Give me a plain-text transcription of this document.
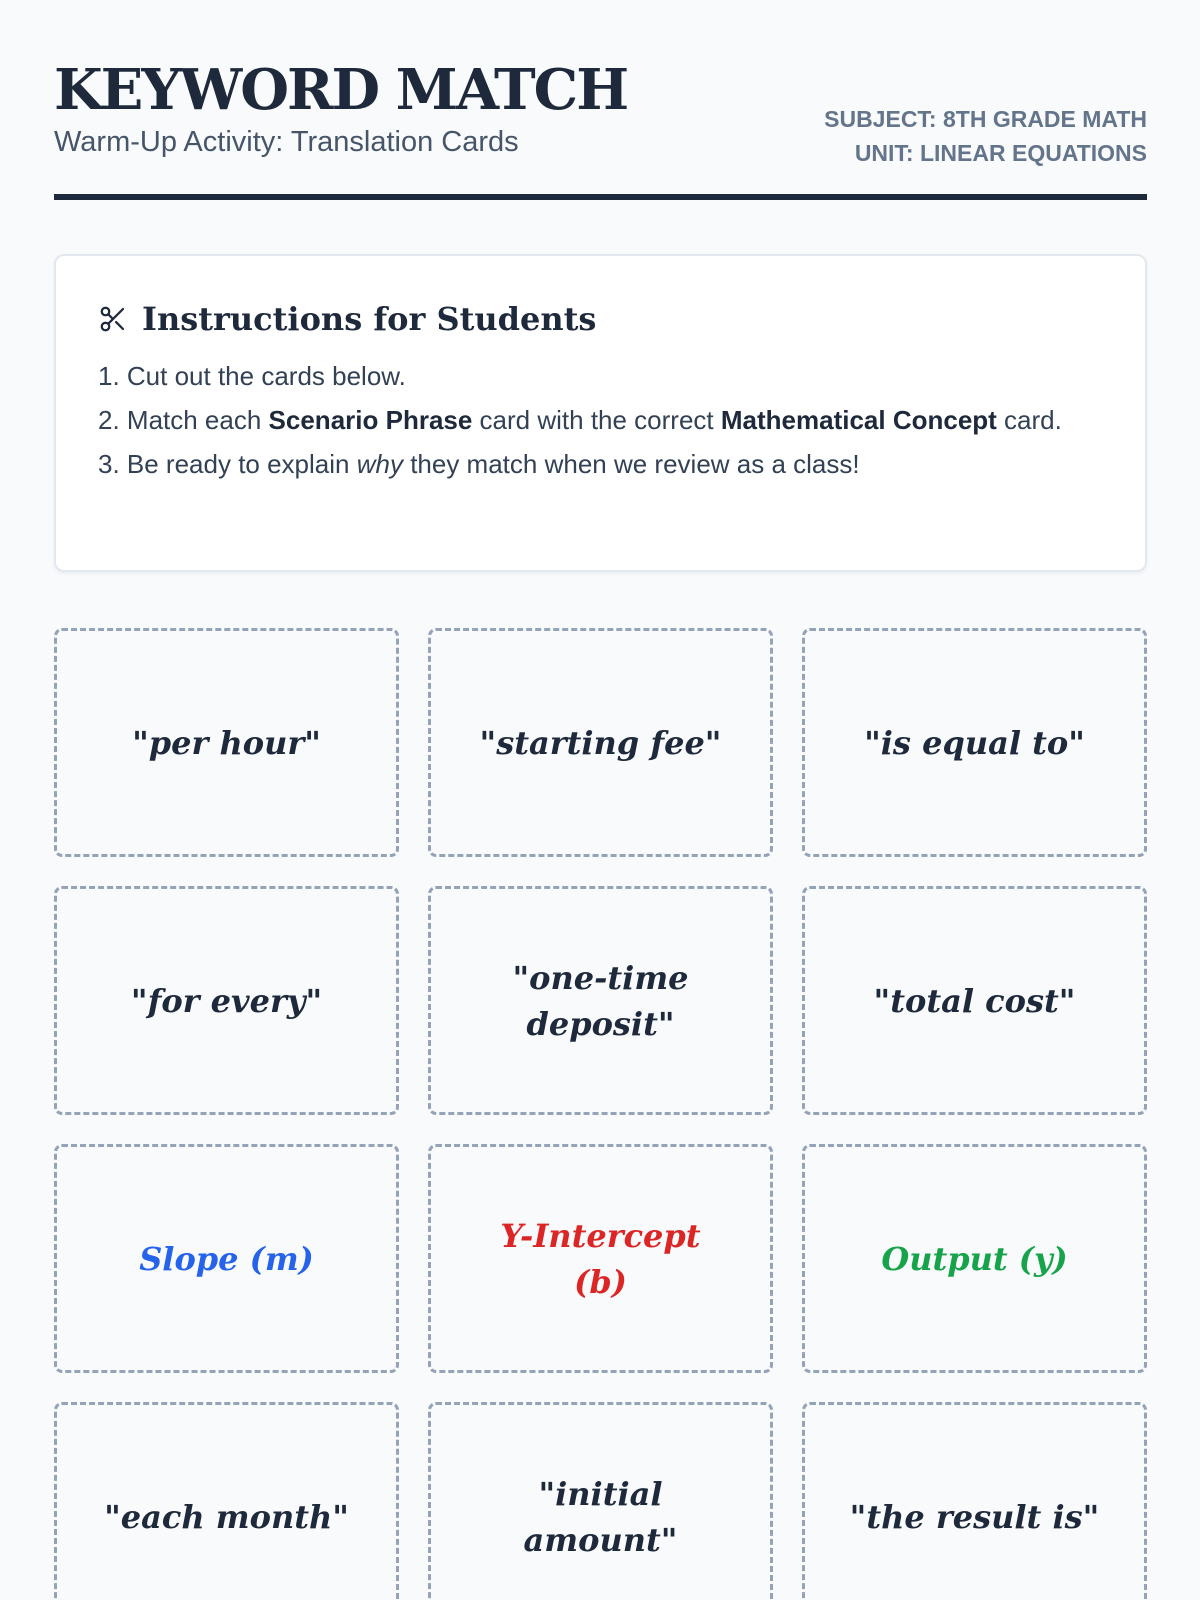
KEYWORD MATCH
Warm-Up Activity: Translation Cards
SUBJECT: 8TH GRADE MATH
UNIT: LINEAR EQUATIONS
Instructions for Students
1. Cut out the cards below.
2. Match each Scenario Phrase card with the correct Mathematical Concept card.
3. Be ready to explain why they match when we review as a class!
"per hour"	"starting fee"	"is equal to"
"for every"
"one-time deposit"
"total cost"
Slope (m)
Y-Intercept (b)
Output (y)
"each month"
"initial amount"
"the result is"
